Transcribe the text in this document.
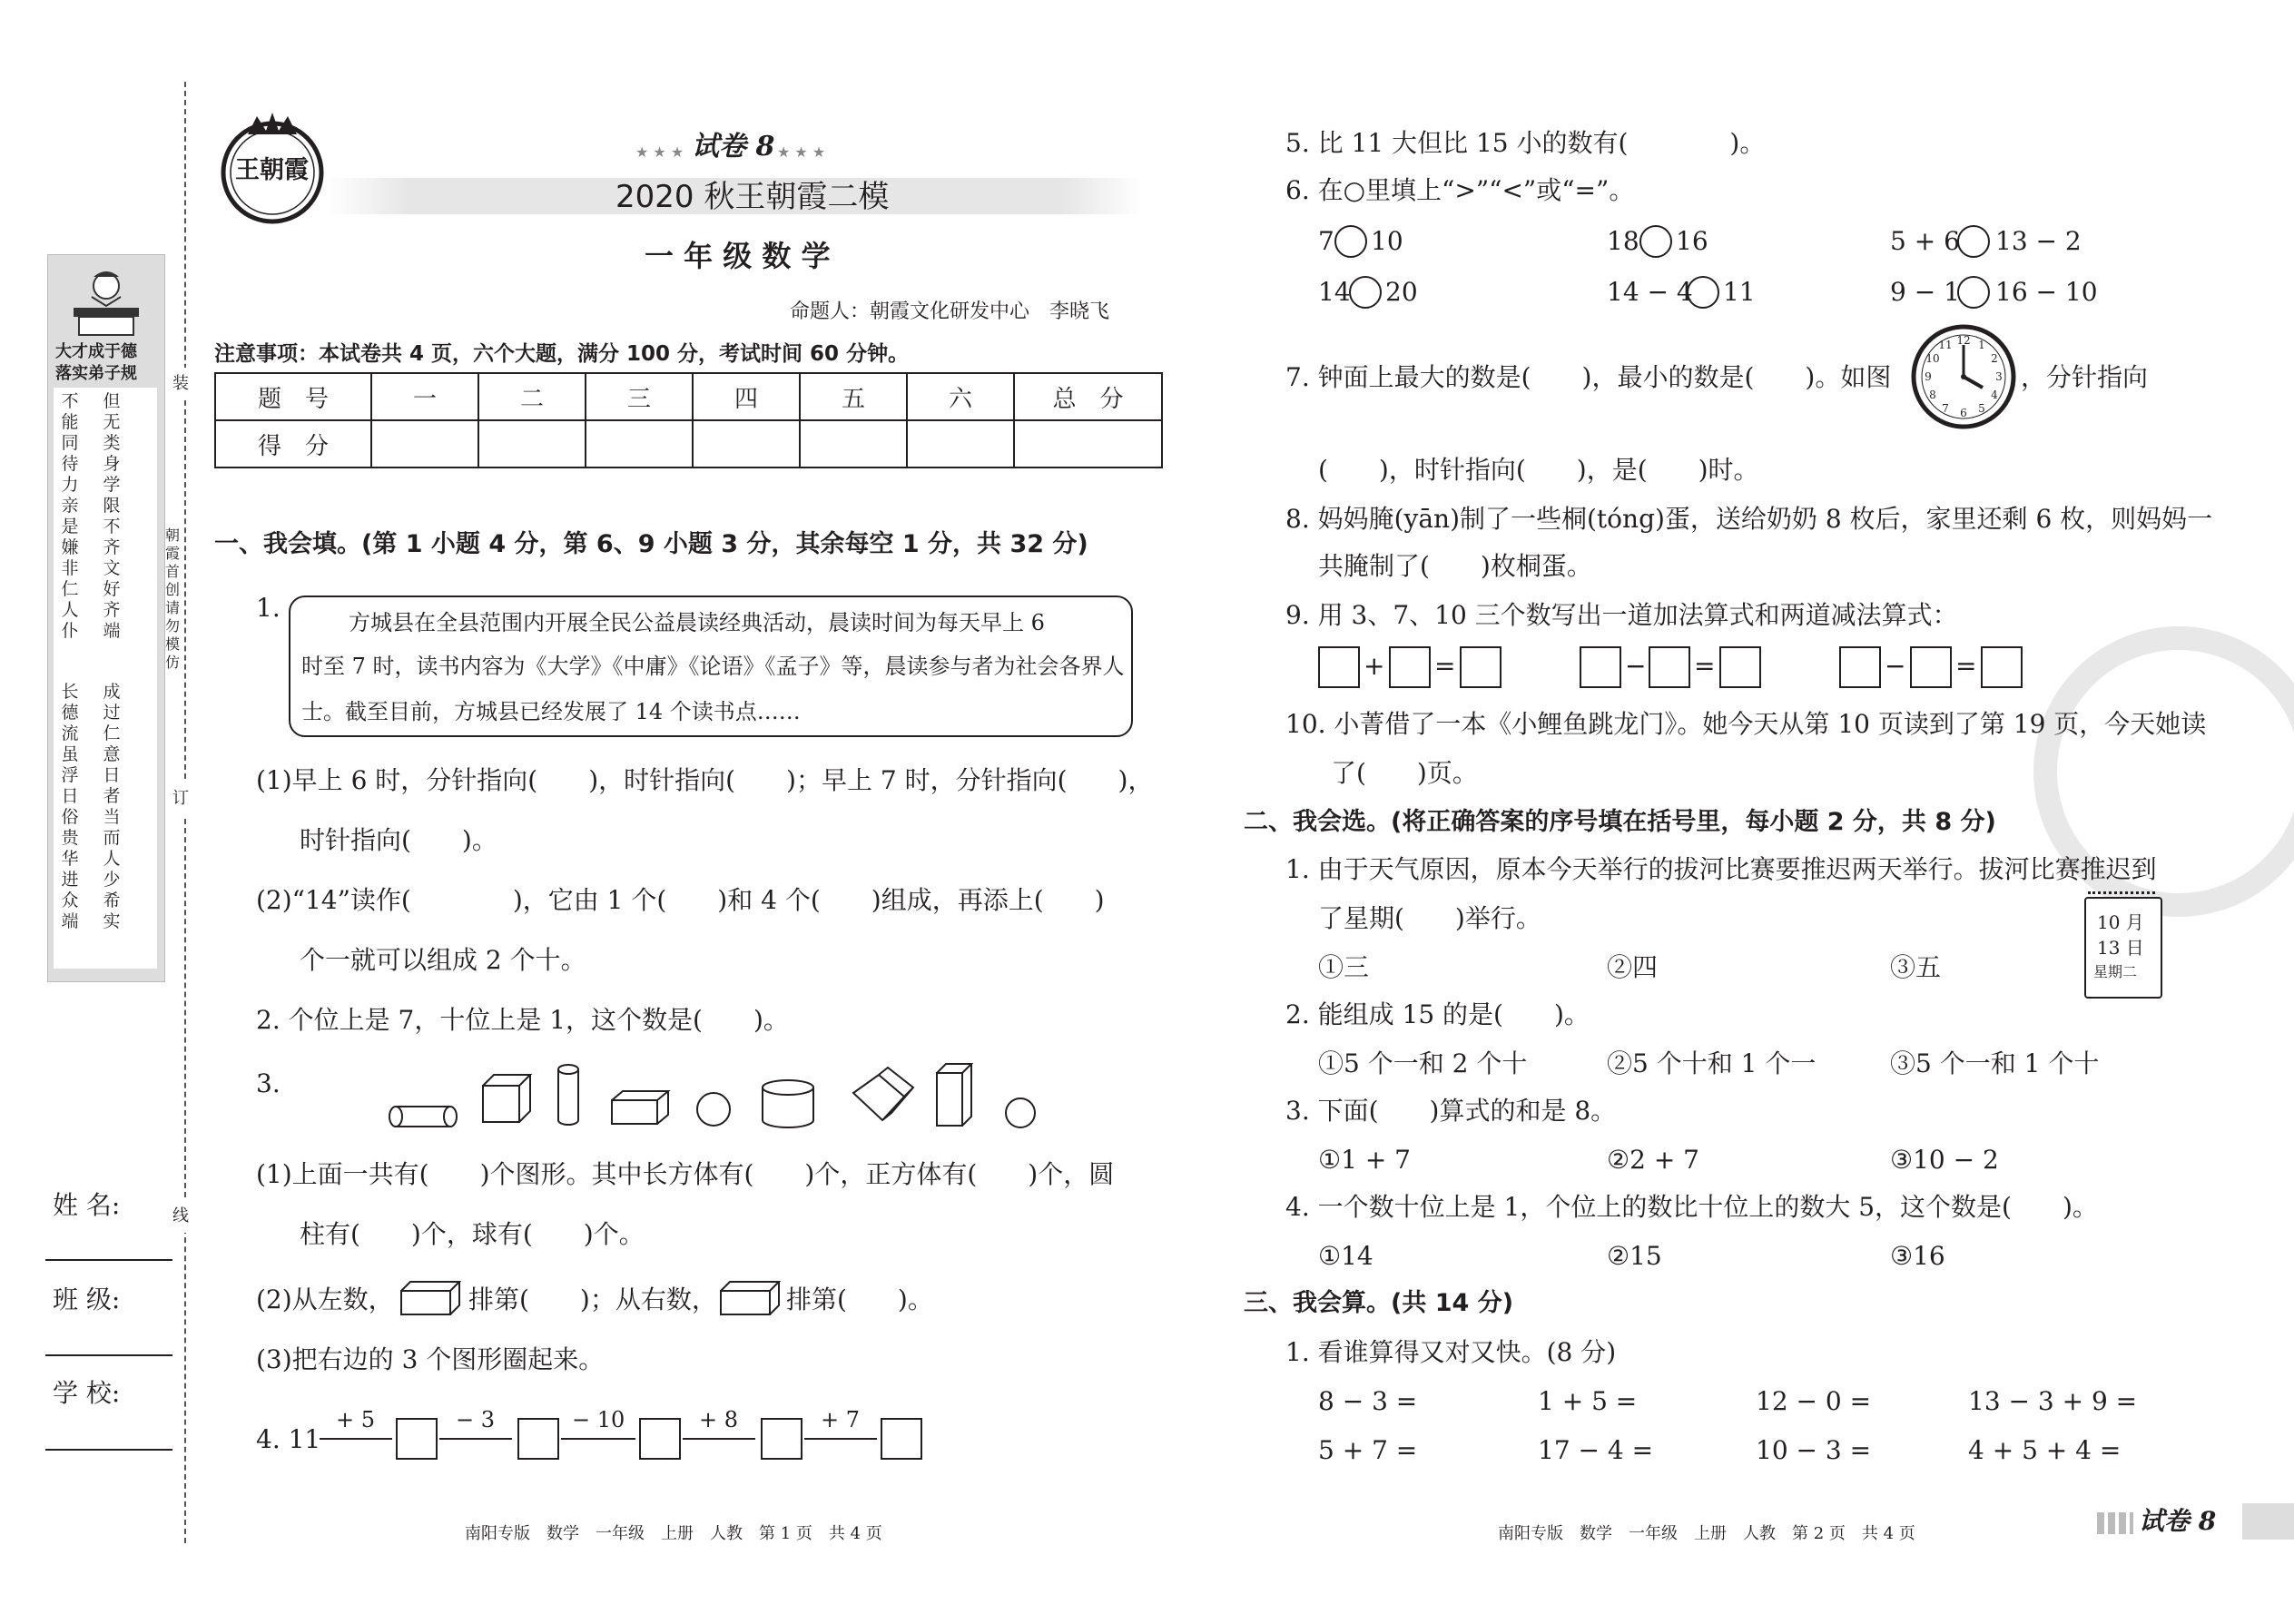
大才成于德
落实弟子规
不能同待力亲是嫌非仁人仆
但无类身学限不齐文好齐端
长德流虽浮日俗贵华进众端
成过仁意日者当而人少希实
朝霞首创 请勿模仿
装
订
线
姓 名:
班 级:
学 校:
王朝霞
★ ★ ★ 试卷 8 ★ ★ ★
2020 秋王朝霞二模
一 年 级 数 学
命题人：朝霞文化研发中心　李晓飞
注意事项：本试卷共 4 页，六个大题，满分 100 分，考试时间 60 分钟。
题　号	一	二	三	四	五	六	总　分
得　分							
一、我会填。(第 1 小题 4 分，第 6、9 小题 3 分，其余每空 1 分，共 32 分)
1.	方城县在全县范围内开展全民公益晨读经典活动，晨读时间为每天早上 6
时至 7 时，读书内容为《大学》《中庸》《论语》《孟子》等，晨读参与者为社会各界人
士。截至目前，方城县已经发展了 14 个读书点……
(1)早上 6 时，分针指向(　　)，时针指向(　　)；早上 7 时，分针指向(　　)，
时针指向(　　)。
(2)“14”读作(　　　　)，它由 1 个(　　)和 4 个(　　)组成，再添上(　　)
个一就可以组成 2 个十。
2. 个位上是 7，十位上是 1，这个数是(　　)。
3.
(1)上面一共有(　　)个图形。其中长方体有(　　)个，正方体有(　　)个，圆
柱有(　　)个，球有(　　)个。
(2)从左数，	排第(　　)；从右数，	排第(　　)。
(3)把右边的 3 个图形圈起来。
4. 11
+ 5	− 3	− 10	+ 8	+ 7
南阳专版　数学　一年级　上册　人教　第 1 页　共 4 页
5. 比 11 大但比 15 小的数有(　　　　)。
6. 在○里填上“>”“<”或“=”。
7 10	18 16	5 + 6 13 − 2
14 20	14 − 4 11	9 − 1 16 − 10
7. 钟面上最大的数是(　　)，最小的数是(　　)。如图
12 1
2
3
4
5
6
7
8
9
10
11
，分针指向
(　　)，时针指向(　　)，是(　　)时。
8. 妈妈腌(yān)制了一些桐(tóng)蛋，送给奶奶 8 枚后，家里还剩 6 枚，则妈妈一
共腌制了(　　)枚桐蛋。
9. 用 3、7、10 三个数写出一道加法算式和两道减法算式：
+ =	− =	− =
10. 小菁借了一本《小鲤鱼跳龙门》。她今天从第 10 页读到了第 19 页，今天她读
了(　　)页。
二、我会选。(将正确答案的序号填在括号里，每小题 2 分，共 8 分)
1. 由于天气原因，原本今天举行的拔河比赛要推迟两天举行。拔河比赛推迟到
了星期(　　)举行。
①三	②四	③五
10 月
13 日
星期二
2. 能组成 15 的是(　　)。
①5 个一和 2 个十	②5 个十和 1 个一	③5 个一和 1 个十
3. 下面(　　)算式的和是 8。
①1 + 7	②2 + 7	③10 − 2
4. 一个数十位上是 1，个位上的数比十位上的数大 5，这个数是(　　)。
①14	②15	③16
三、我会算。(共 14 分)
1. 看谁算得又对又快。(8 分)
8 − 3 =	1 + 5 =	12 − 0 =	13 − 3 + 9 =
5 + 7 =	17 − 4 =	10 − 3 =	4 + 5 + 4 =
南阳专版　数学　一年级　上册　人教　第 2 页　共 4 页	试卷 8
